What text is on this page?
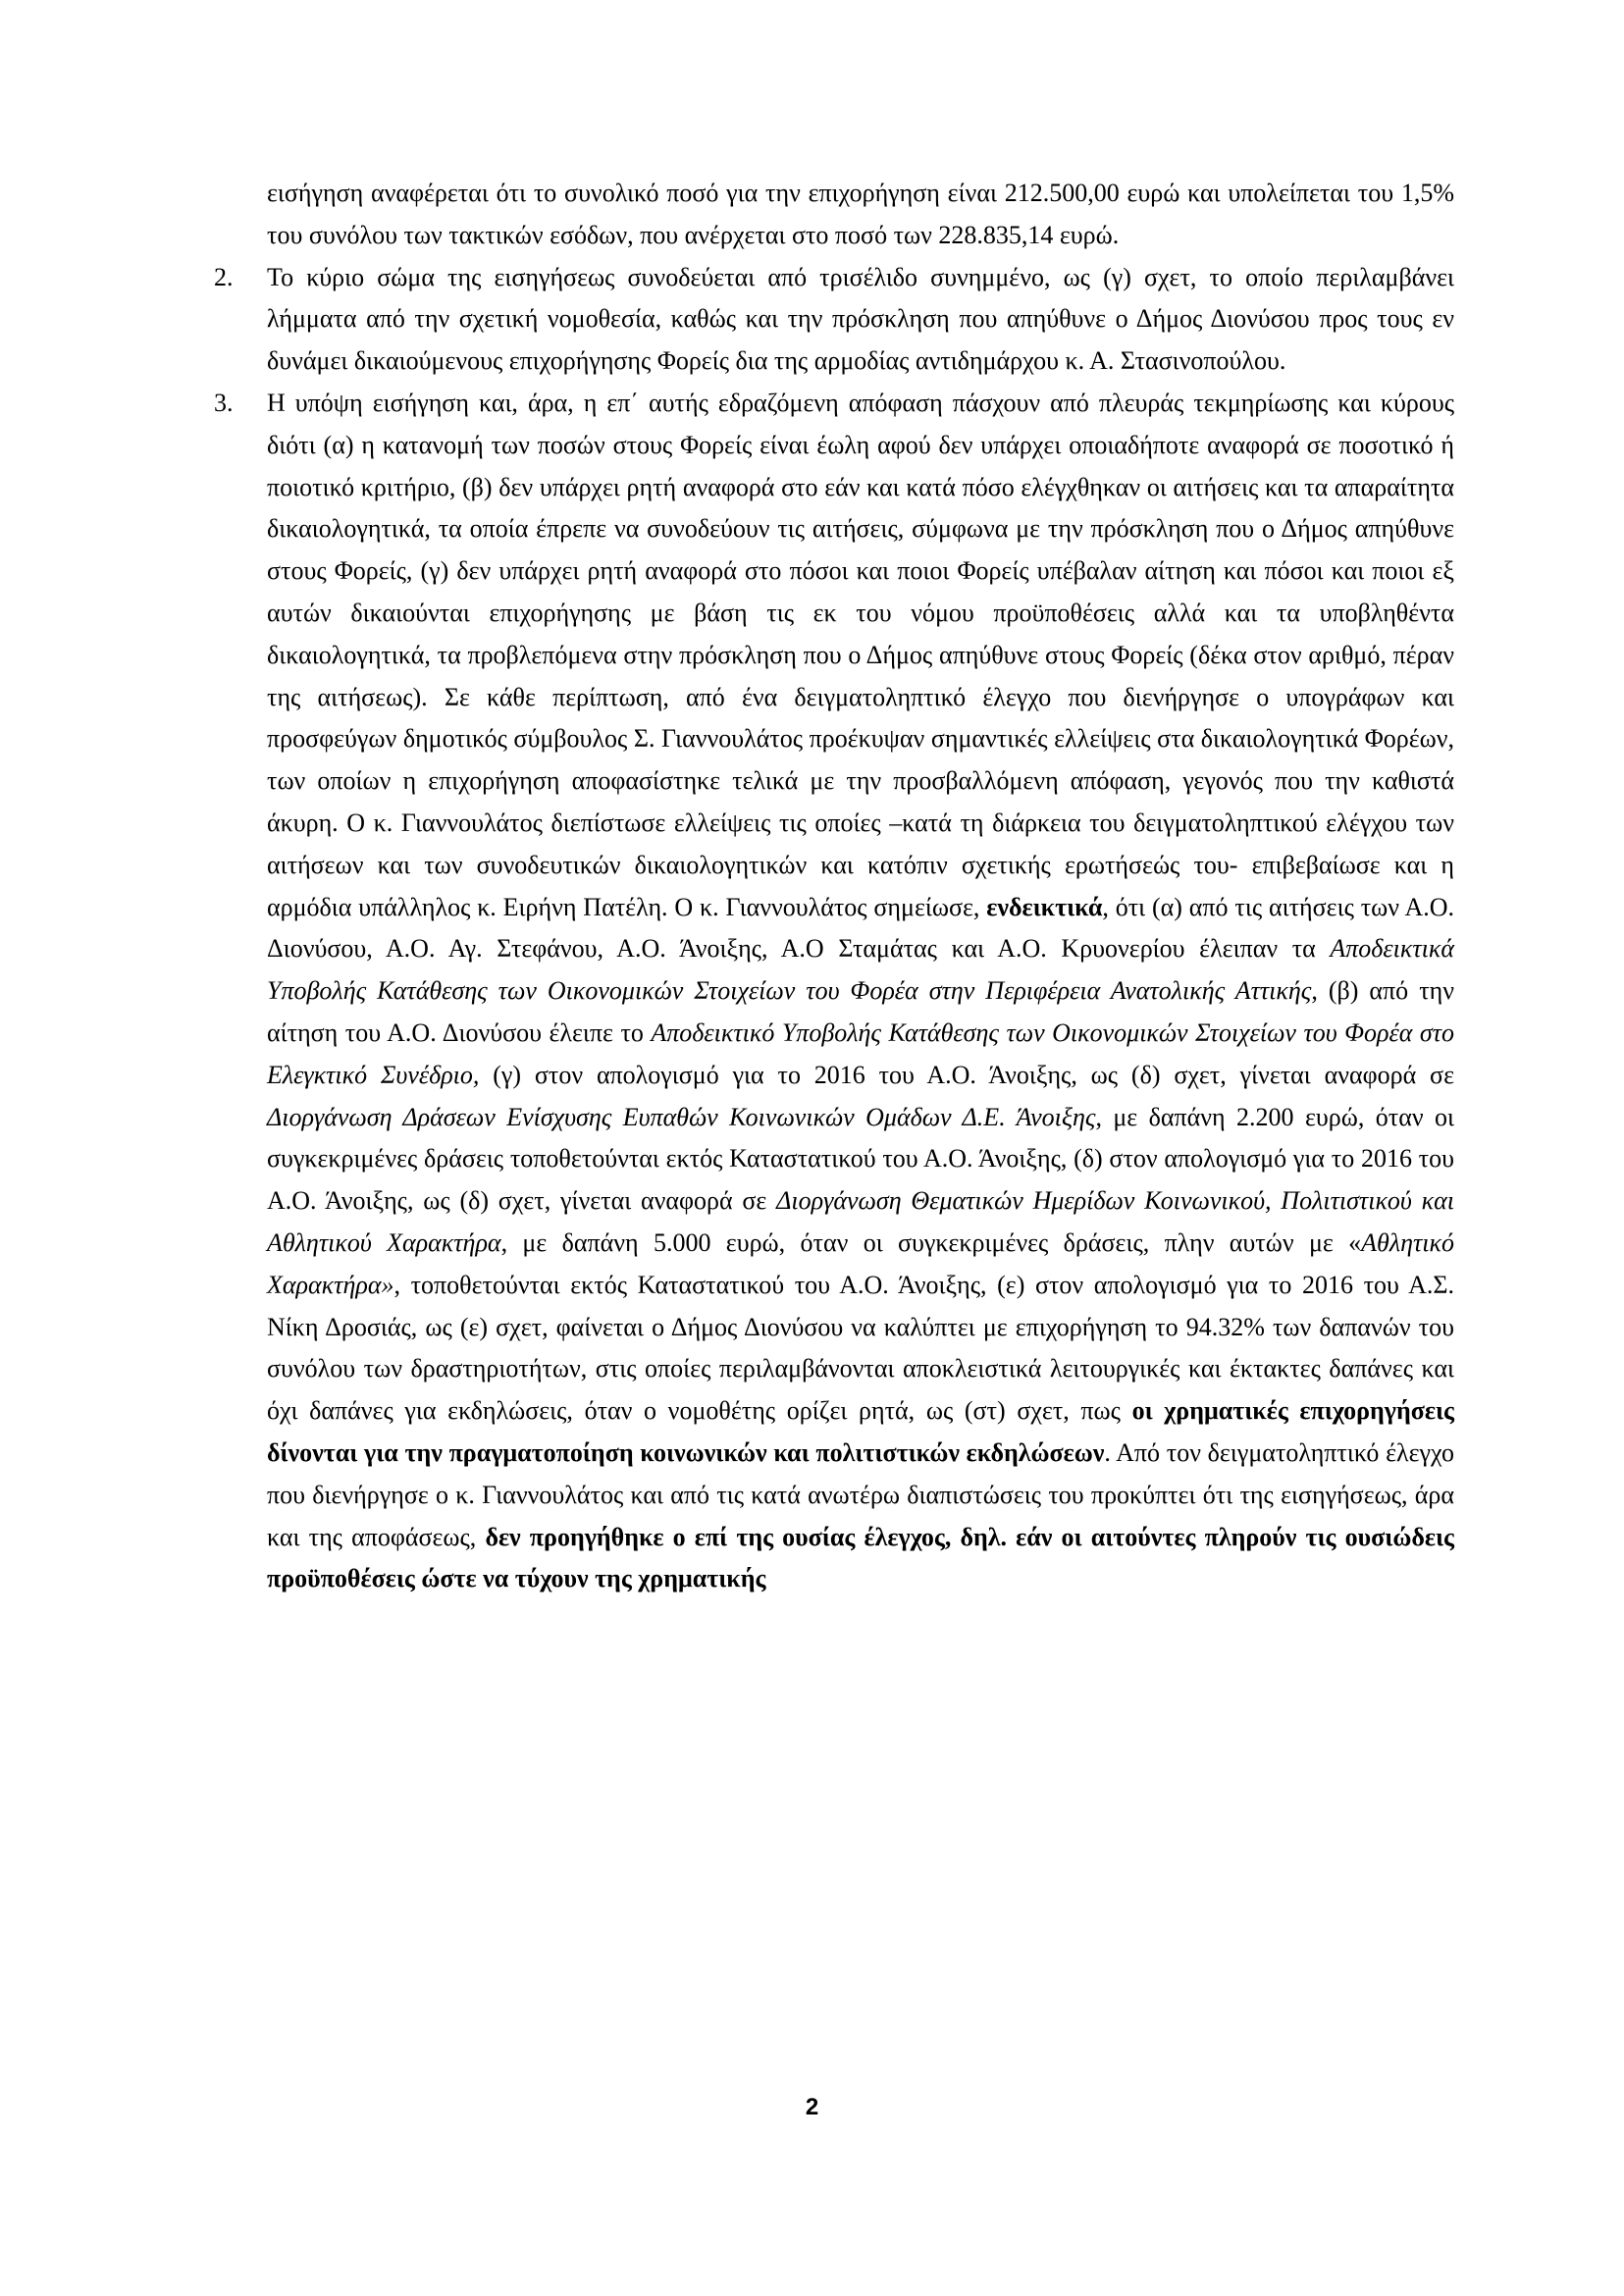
εισήγηση αναφέρεται ότι το συνολικό ποσό για την επιχορήγηση είναι 212.500,00 ευρώ και υπολείπεται του 1,5% του συνόλου των τακτικών εσόδων, που ανέρχεται στο ποσό των 228.835,14 ευρώ.
2. Το κύριο σώμα της εισηγήσεως συνοδεύεται από τρισέλιδο συνημμένο, ως (γ) σχετ, το οποίο περιλαμβάνει λήμματα από την σχετική νομοθεσία, καθώς και την πρόσκληση που απηύθυνε ο Δήμος Διονύσου προς τους εν δυνάμει δικαιούμενους επιχορήγησης Φορείς δια της αρμοδίας αντιδημάρχου κ. Α. Στασινοπούλου.
3. Η υπόψη εισήγηση και, άρα, η επ΄ αυτής εδραζόμενη απόφαση πάσχουν από πλευράς τεκμηρίωσης και κύρους διότι (α) η κατανομή των ποσών στους Φορείς είναι έωλη αφού δεν υπάρχει οποιαδήποτε αναφορά σε ποσοτικό ή ποιοτικό κριτήριο, (β) δεν υπάρχει ρητή αναφορά στο εάν και κατά πόσο ελέγχθηκαν οι αιτήσεις και τα απαραίτητα δικαιολογητικά, τα οποία έπρεπε να συνοδεύουν τις αιτήσεις, σύμφωνα με την πρόσκληση που ο Δήμος απηύθυνε στους Φορείς, (γ) δεν υπάρχει ρητή αναφορά στο πόσοι και ποιοι Φορείς υπέβαλαν αίτηση και πόσοι και ποιοι εξ αυτών δικαιούνται επιχορήγησης με βάση τις εκ του νόμου προϋποθέσεις αλλά και τα υποβληθέντα δικαιολογητικά, τα προβλεπόμενα στην πρόσκληση που ο Δήμος απηύθυνε στους Φορείς (δέκα στον αριθμό, πέραν της αιτήσεως). Σε κάθε περίπτωση, από ένα δειγματοληπτικό έλεγχο που διενήργησε ο υπογράφων και προσφεύγων δημοτικός σύμβουλος Σ. Γιαννουλάτος προέκυψαν σημαντικές ελλείψεις στα δικαιολογητικά Φορέων, των οποίων η επιχορήγηση αποφασίστηκε τελικά με την προσβαλλόμενη απόφαση, γεγονός που την καθιστά άκυρη. Ο κ. Γιαννουλάτος διεπίστωσε ελλείψεις τις οποίες –κατά τη διάρκεια του δειγματοληπτικού ελέγχου των αιτήσεων και των συνοδευτικών δικαιολογητικών και κατόπιν σχετικής ερωτήσεώς του- επιβεβαίωσε και η αρμόδια υπάλληλος κ. Ειρήνη Πατέλη. Ο κ. Γιαννουλάτος σημείωσε, ενδεικτικά, ότι (α) από τις αιτήσεις των Α.Ο. Διονύσου, Α.Ο. Αγ. Στεφάνου, Α.Ο. Άνοιξης, Α.Ο Σταμάτας και Α.Ο. Κρυονερίου έλειπαν τα Αποδεικτικά Υποβολής Κατάθεσης των Οικονομικών Στοιχείων του Φορέα στην Περιφέρεια Ανατολικής Αττικής, (β) από την αίτηση του Α.Ο. Διονύσου έλειπε το Αποδεικτικό Υποβολής Κατάθεσης των Οικονομικών Στοιχείων του Φορέα στο Ελεγκτικό Συνέδριο, (γ) στον απολογισμό για το 2016 του Α.Ο. Άνοιξης, ως (δ) σχετ, γίνεται αναφορά σε Διοργάνωση Δράσεων Ενίσχυσης Ευπαθών Κοινωνικών Ομάδων Δ.Ε. Άνοιξης, με δαπάνη 2.200 ευρώ, όταν οι συγκεκριμένες δράσεις τοποθετούνται εκτός Καταστατικού του Α.Ο. Άνοιξης, (δ) στον απολογισμό για το 2016 του Α.Ο. Άνοιξης, ως (δ) σχετ, γίνεται αναφορά σε Διοργάνωση Θεματικών Ημερίδων Κοινωνικού, Πολιτιστικού και Αθλητικού Χαρακτήρα, με δαπάνη 5.000 ευρώ, όταν οι συγκεκριμένες δράσεις, πλην αυτών με «Αθλητικό Χαρακτήρα», τοποθετούνται εκτός Καταστατικού του Α.Ο. Άνοιξης, (ε) στον απολογισμό για το 2016 του Α.Σ. Νίκη Δροσιάς, ως (ε) σχετ, φαίνεται ο Δήμος Διονύσου να καλύπτει με επιχορήγηση το 94.32% των δαπανών του συνόλου των δραστηριοτήτων, στις οποίες περιλαμβάνονται αποκλειστικά λειτουργικές και έκτακτες δαπάνες και όχι δαπάνες για εκδηλώσεις, όταν ο νομοθέτης ορίζει ρητά, ως (στ) σχετ, πως οι χρηματικές επιχορηγήσεις δίνονται για την πραγματοποίηση κοινωνικών και πολιτιστικών εκδηλώσεων. Από τον δειγματοληπτικό έλεγχο που διενήργησε ο κ. Γιαννουλάτος και από τις κατά ανωτέρω διαπιστώσεις του προκύπτει ότι της εισηγήσεως, άρα και της αποφάσεως, δεν προηγήθηκε ο επί της ουσίας έλεγχος, δηλ. εάν οι αιτούντες πληρούν τις ουσιώδεις προϋποθέσεις ώστε να τύχουν της χρηματικής
2
